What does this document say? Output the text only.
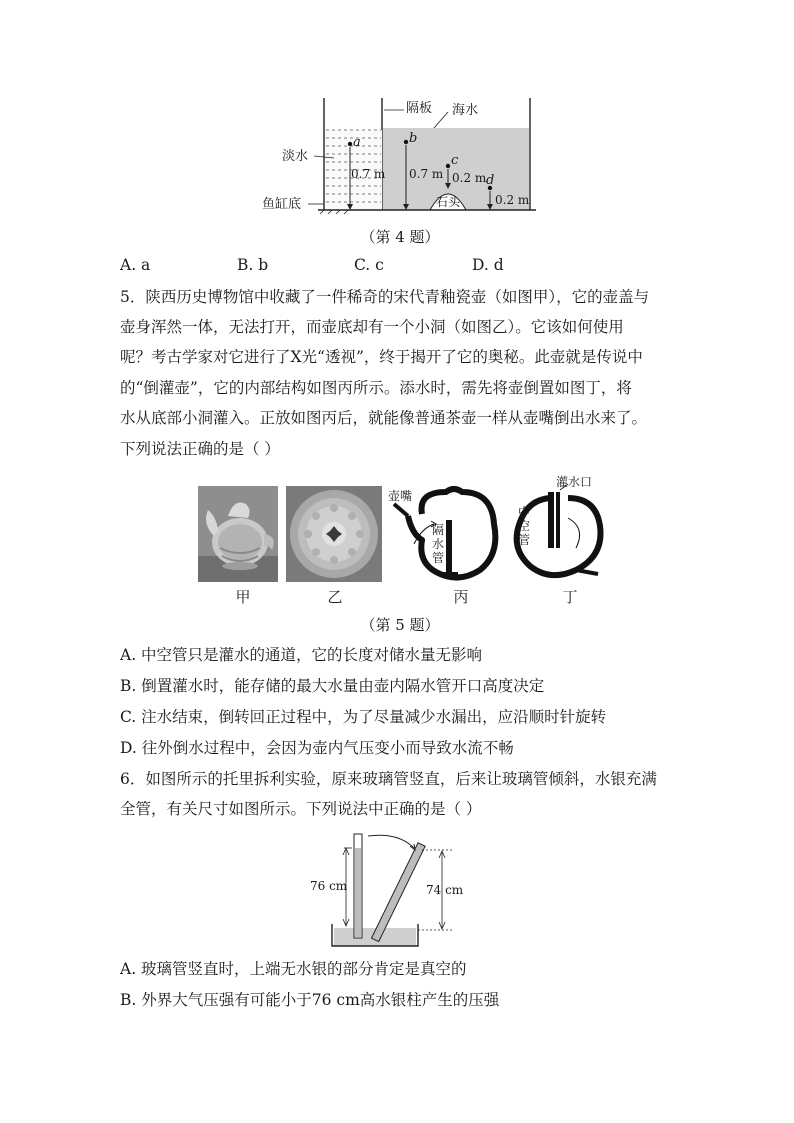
隔板 海水
淡水
鱼缸底	石头
a	b
c
d
0.7 m 0.7 m 0.2 m
0.2 m
（第 4 题）
A. a	B. b	C. c	D. d
5．陕西历史博物馆中收藏了一件稀奇的宋代青釉瓷壶（如图甲），它的壶盖与
壶身浑然一体，无法打开，而壶底却有一个小洞（如图乙）。它该如何使用
呢？考古学家对它进行了X光“透视”，终于揭开了它的奥秘。此壶就是传说中
的“倒灌壶”，它的内部结构如图丙所示。添水时，需先将壶倒置如图丁，将
水从底部小洞灌入。正放如图丙后，就能像普通茶壶一样从壶嘴倒出水来了。
下列说法正确的是（ ）
壶嘴
隔水管
灌水口
中空管
甲	乙	丙	丁
（第 5 题）
A. 中空管只是灌水的通道，它的长度对储水量无影响
B. 倒置灌水时，能存储的最大水量由壶内隔水管开口高度决定
C. 注水结束，倒转回正过程中，为了尽量减少水漏出，应沿顺时针旋转
D. 往外倒水过程中，会因为壶内气压变小而导致水流不畅
6．如图所示的托里拆利实验，原来玻璃管竖直，后来让玻璃管倾斜，水银充满
全管，有关尺寸如图所示。下列说法中正确的是（ ）
76 cm	74 cm
A. 玻璃管竖直时，上端无水银的部分肯定是真空的
B. 外界大气压强有可能小于76 cm高水银柱产生的压强
